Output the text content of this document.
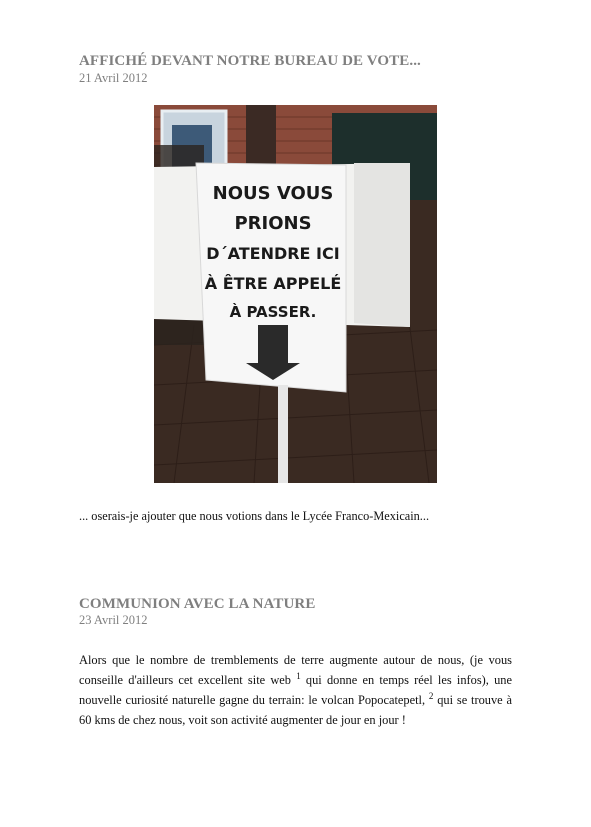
AFFICHÉ DEVANT NOTRE BUREAU DE VOTE...
21 Avril 2012
NOUS VOUS
PRIONS
D´ATENDRE ICI
À ÊTRE APPELÉ
À PASSER.
... oserais-je ajouter que nous votions dans le Lycée Franco-Mexicain...
COMMUNION AVEC LA NATURE
23 Avril 2012

Alors que le nombre de tremblements de terre augmente autour de nous, (je vous conseille d'ailleurs cet excellent site web $^1$ qui donne en temps réel les infos), une nouvelle curiosité naturelle gagne du terrain: le volcan Popocatepetl, $^2$ qui se trouve à 60 kms de chez nous, voit son activité augmenter de jour en jour !
